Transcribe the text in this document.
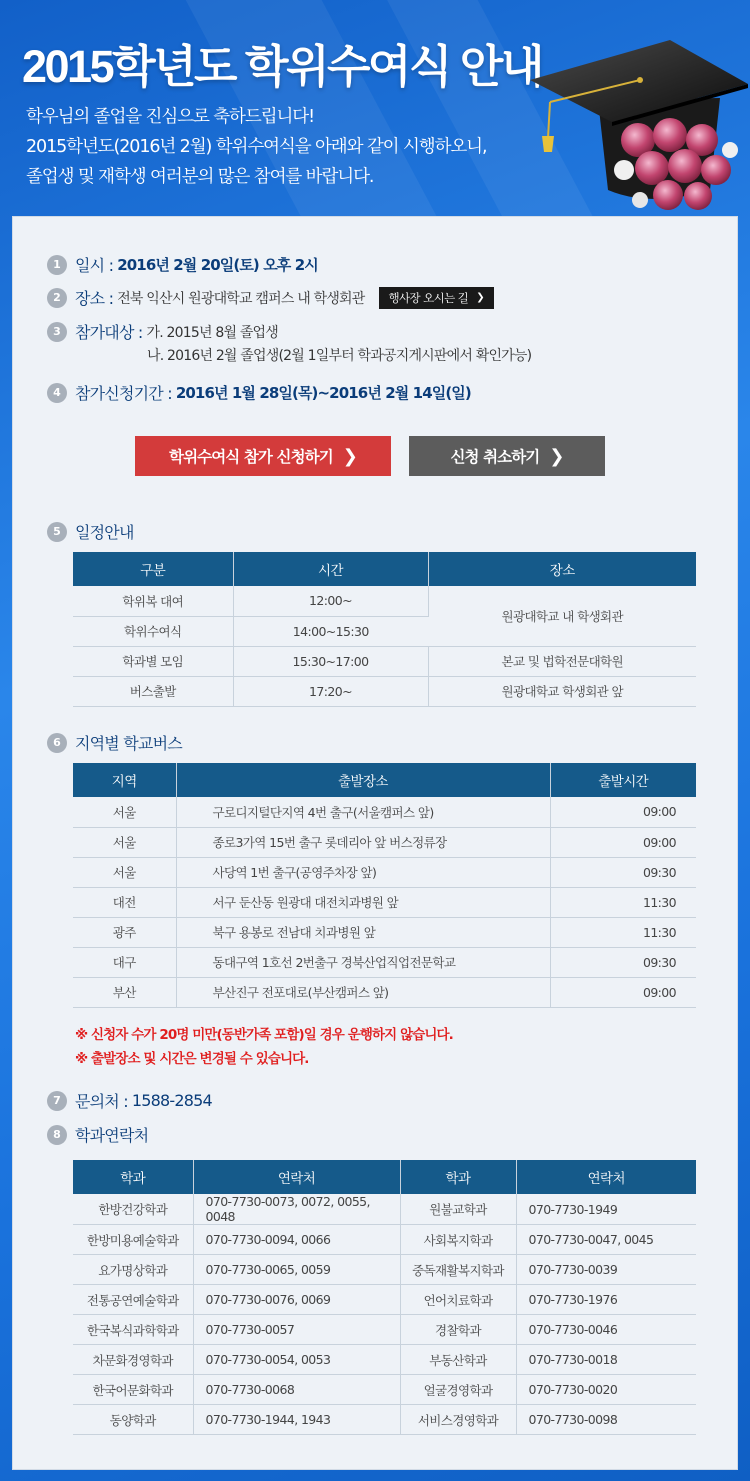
2015학년도 학위수여식 안내
학우님의 졸업을 진심으로 축하드립니다!
2015학년도(2016년 2월) 학위수여식을 아래와 같이 시행하오니,
졸업생 및 재학생 여러분의 많은 참여를 바랍니다.
1 일시 : 2016년 2월 20일(토) 오후 2시
2 장소 : 전북 익산시 원광대학교 캠퍼스 내 학생회관 행사장 오시는 길 ❯
3 참가대상 : 가. 2015년 8월 졸업생
나. 2016년 2월 졸업생(2월 1일부터 학과공지게시판에서 확인가능)
4 참가신청기간 : 2016년 1월 28일(목)~2016년 2월 14일(일)
학위수여식 참가 신청하기 ❯	신청 취소하기 ❯
5 일정안내
구분	시간	장소
학위복 대여	12:00~	원광대학교 내 학생회관
학위수여식	14:00~15:30	
학과별 모임	15:30~17:00	본교 및 법학전문대학원
버스출발	17:20~	원광대학교 학생회관 앞
6 지역별 학교버스
지역	출발장소	출발시간
서울	구로디지털단지역 4번 출구(서울캠퍼스 앞)	09:00
서울	종로3가역 15번 출구 롯데리아 앞 버스정류장	09:00
서울	사당역 1번 출구(공영주차장 앞)	09:30
대전	서구 둔산동 원광대 대전치과병원 앞	11:30
광주	북구 용봉로 전남대 치과병원 앞	11:30
대구	동대구역 1호선 2번출구 경북산업직업전문학교	09:30
부산	부산진구 전포대로(부산캠퍼스 앞)	09:00
※ 신청자 수가 20명 미만(동반가족 포함)일 경우 운행하지 않습니다.
※ 출발장소 및 시간은 변경될 수 있습니다.
7 문의처 : 1588-2854
8 학과연락처
학과	연락처	학과	연락처
한방건강학과	070-7730-0073, 0072, 0055, 0048	원불교학과	070-7730-1949
한방미용예술학과	070-7730-0094, 0066	사회복지학과	070-7730-0047, 0045
요가명상학과	070-7730-0065, 0059	중독재활복지학과	070-7730-0039
전통공연예술학과	070-7730-0076, 0069	언어치료학과	070-7730-1976
한국복식과학학과	070-7730-0057	경찰학과	070-7730-0046
차문화경영학과	070-7730-0054, 0053	부동산학과	070-7730-0018
한국어문화학과	070-7730-0068	얼굴경영학과	070-7730-0020
동양학과	070-7730-1944, 1943	서비스경영학과	070-7730-0098
